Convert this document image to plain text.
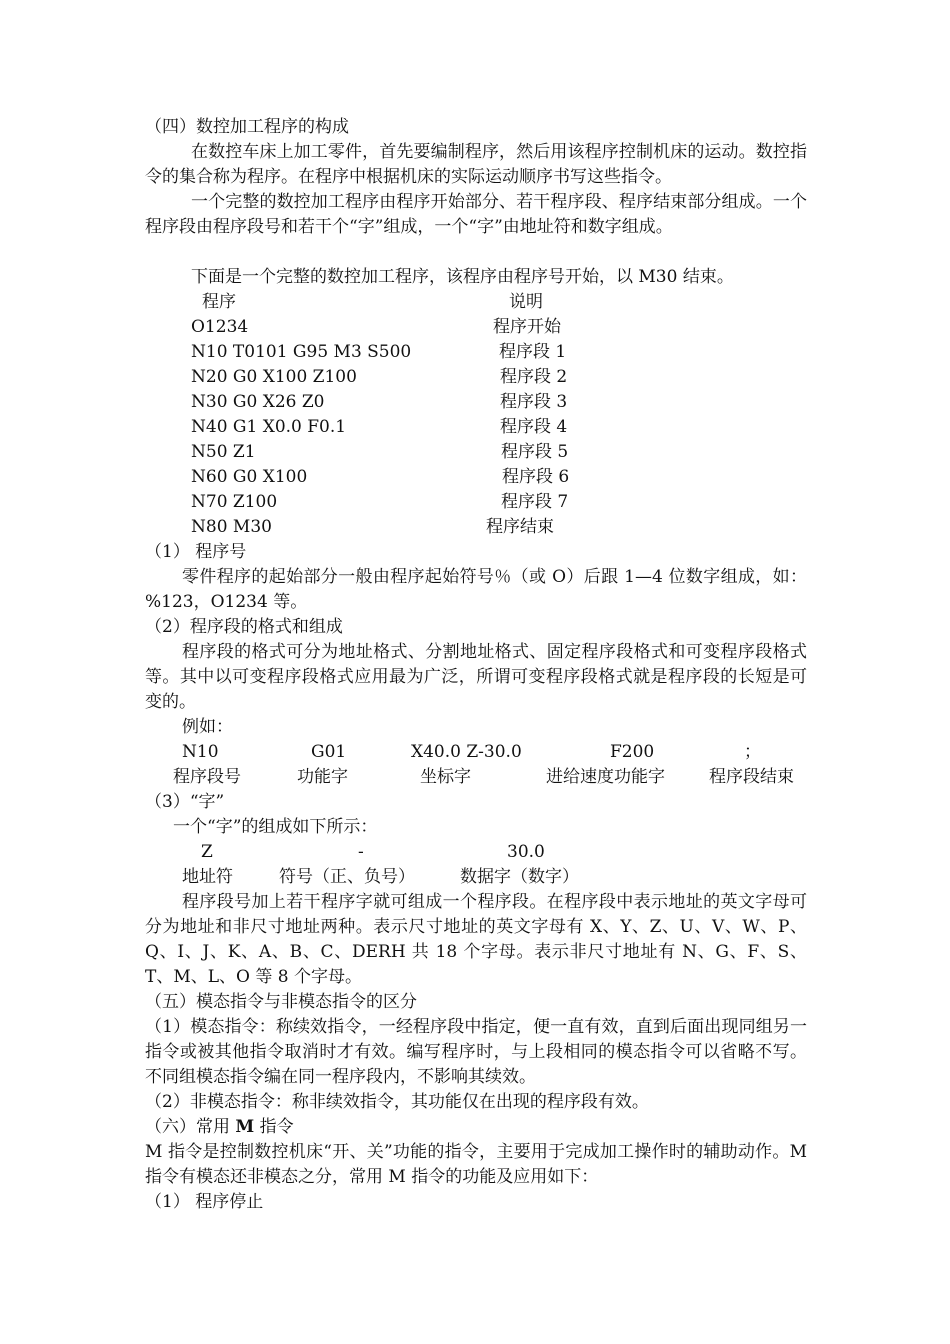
（四）数控加工程序的构成
在数控车床上加工零件，首先要编制程序，然后用该程序控制机床的运动。数控指令的集合称为程序。在程序中根据机床的实际运动顺序书写这些指令。
一个完整的数控加工程序由程序开始部分、若干程序段、程序结束部分组成。一个程序段由程序段号和若干个“字”组成，一个“字”由地址符和数字组成。
下面是一个完整的数控加工程序，该程序由程序号开始，以 M30 结束。
程序	说明
O1234	程序开始
N10 T0101 G95 M3 S500	程序段 1
N20 G0 X100 Z100	程序段 2
N30 G0 X26 Z0	程序段 3
N40 G1 X0.0 F0.1	程序段 4
N50 Z1	程序段 5
N60 G0 X100	程序段 6
N70 Z100	程序段 7
N80 M30	程序结束
（1） 程序号
零件程序的起始部分一般由程序起始符号％（或 O）后跟 1—4 位数字组成，如：%123，O1234 等。
（2）程序段的格式和组成
程序段的格式可分为地址格式、分割地址格式、固定程序段格式和可变程序段格式等。其中以可变程序段格式应用最为广泛，所谓可变程序段格式就是程序段的长短是可变的。
例如：
N10	G01	X40.0 Z-30.0	F200	；
程序段号	功能字	坐标字	进给速度功能字	程序段结束
（3）“字”
一个“字”的组成如下所示：
Z	-	30.0
地址符	符号（正、负号）	数据字（数字）
程序段号加上若干程序字就可组成一个程序段。在程序段中表示地址的英文字母可分为地址和非尺寸地址两种。表示尺寸地址的英文字母有 X、Y、Z、U、V、W、P、Q、I、J、K、A、B、C、DERH 共 18 个字母。表示非尺寸地址有 N、G、F、S、T、M、L、O 等 8 个字母。
（五）模态指令与非模态指令的区分
（1）模态指令：称续效指令，一经程序段中指定，便一直有效，直到后面出现同组另一指令或被其他指令取消时才有效。编写程序时，与上段相同的模态指令可以省略不写。不同组模态指令编在同一程序段内，不影响其续效。
（2）非模态指令：称非续效指令，其功能仅在出现的程序段有效。
（六）常用 M 指令
M 指令是控制数控机床“开、关”功能的指令，主要用于完成加工操作时的辅助动作。M 指令有模态还非模态之分，常用 M 指令的功能及应用如下：
（1） 程序停止
